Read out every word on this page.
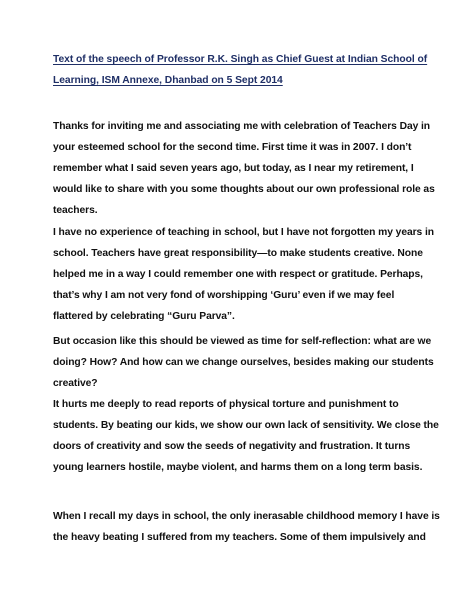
Text of the speech of Professor R.K. Singh as Chief Guest at Indian School of
Learning, ISM Annexe, Dhanbad on 5 Sept 2014

Thanks for inviting me and associating me with celebration of Teachers Day in
your esteemed school for the second time. First time it was in 2007. I don’t
remember what I said seven years ago, but today, as I near my retirement, I
would like to share with you some thoughts about our own professional role as
teachers.

I have no experience of teaching in school, but I have not forgotten my years in
school. Teachers have great responsibility—to make students creative. None
helped me in a way I could remember one with respect or gratitude. Perhaps,
that’s why I am not very fond of worshipping ‘Guru’ even if we may feel
flattered by celebrating “Guru Parva”.

But occasion like this should be viewed as time for self-reflection: what are we
doing? How? And how can we change ourselves, besides making our students
creative?

It hurts me deeply to read reports of physical torture and punishment to
students. By beating our kids, we show our own lack of sensitivity. We close the
doors of creativity and sow the seeds of negativity and frustration. It turns
young learners hostile, maybe violent, and harms them on a long term basis.

When I recall my days in school, the only inerasable childhood memory I have is
the heavy beating I suffered from my teachers. Some of them impulsively and
